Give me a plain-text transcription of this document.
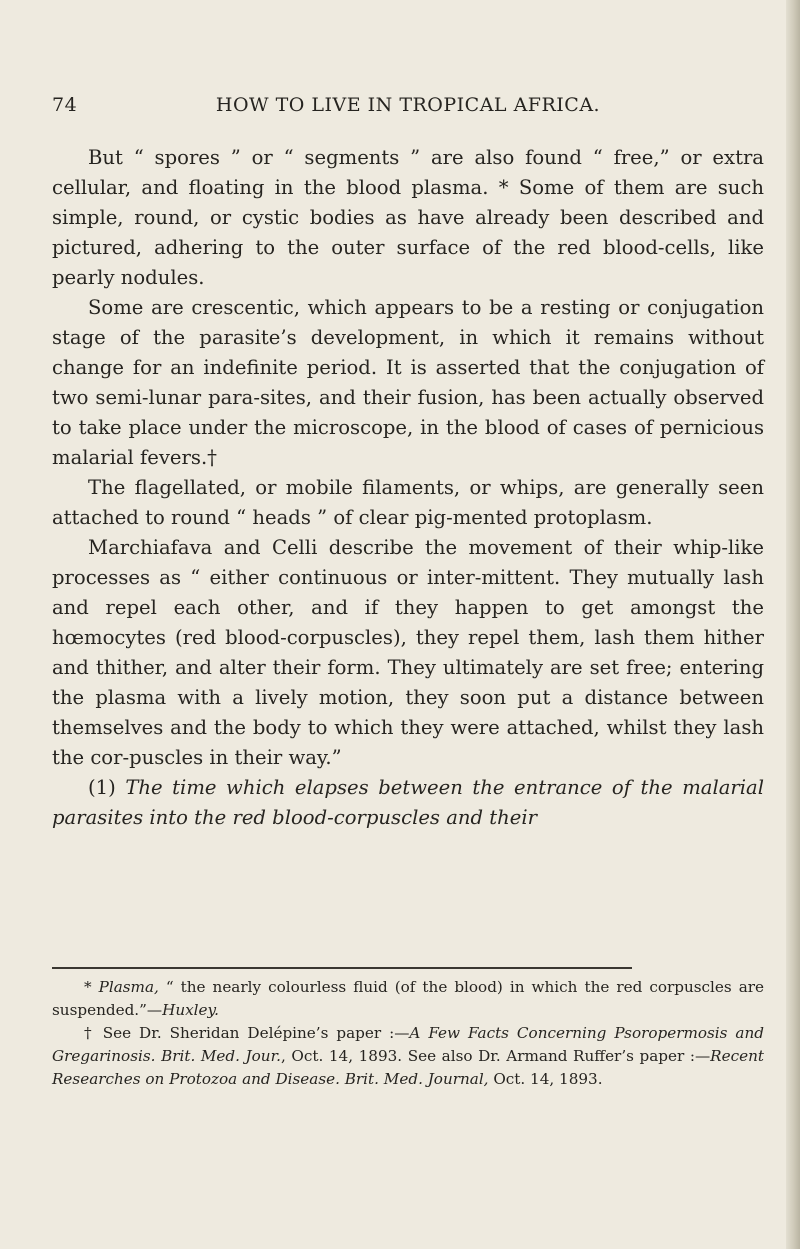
74	HOW TO LIVE IN TROPICAL AFRICA.

But “ spores ” or “ segments ” are also found “ free,” or extra cellular, and floating in the blood plasma. * Some of them are such simple, round, or cystic bodies as have already been described and pictured, adhering to the outer surface of the red blood-cells, like pearly nodules.

Some are crescentic, which appears to be a resting or conjugation stage of the parasite’s development, in which it remains without change for an indefinite period. It is asserted that the conjugation of two semi-lunar para-sites, and their fusion, has been actually observed to take place under the microscope, in the blood of cases of pernicious malarial fevers.†

The flagellated, or mobile filaments, or whips, are generally seen attached to round “ heads ” of clear pig-mented protoplasm.

Marchiafava and Celli describe the movement of their whip-like processes as “ either continuous or inter-mittent. They mutually lash and repel each other, and if they happen to get amongst the hœmocytes (red blood-corpuscles), they repel them, lash them hither and thither, and alter their form. They ultimately are set free; entering the plasma with a lively motion, they soon put a distance between themselves and the body to which they were attached, whilst they lash the cor-puscles in their way.”

(1) The time which elapses between the entrance of the malarial parasites into the red blood-corpuscles and their

* Plasma, “ the nearly colourless fluid (of the blood) in which the red corpuscles are suspended.”—Huxley.

† See Dr. Sheridan Delépine’s paper :—A Few Facts Concerning Psoropermosis and Gregarinosis. Brit. Med. Jour., Oct. 14, 1893. See also Dr. Armand Ruffer’s paper :—Recent Researches on Protozoa and Disease. Brit. Med. Journal, Oct. 14, 1893.
